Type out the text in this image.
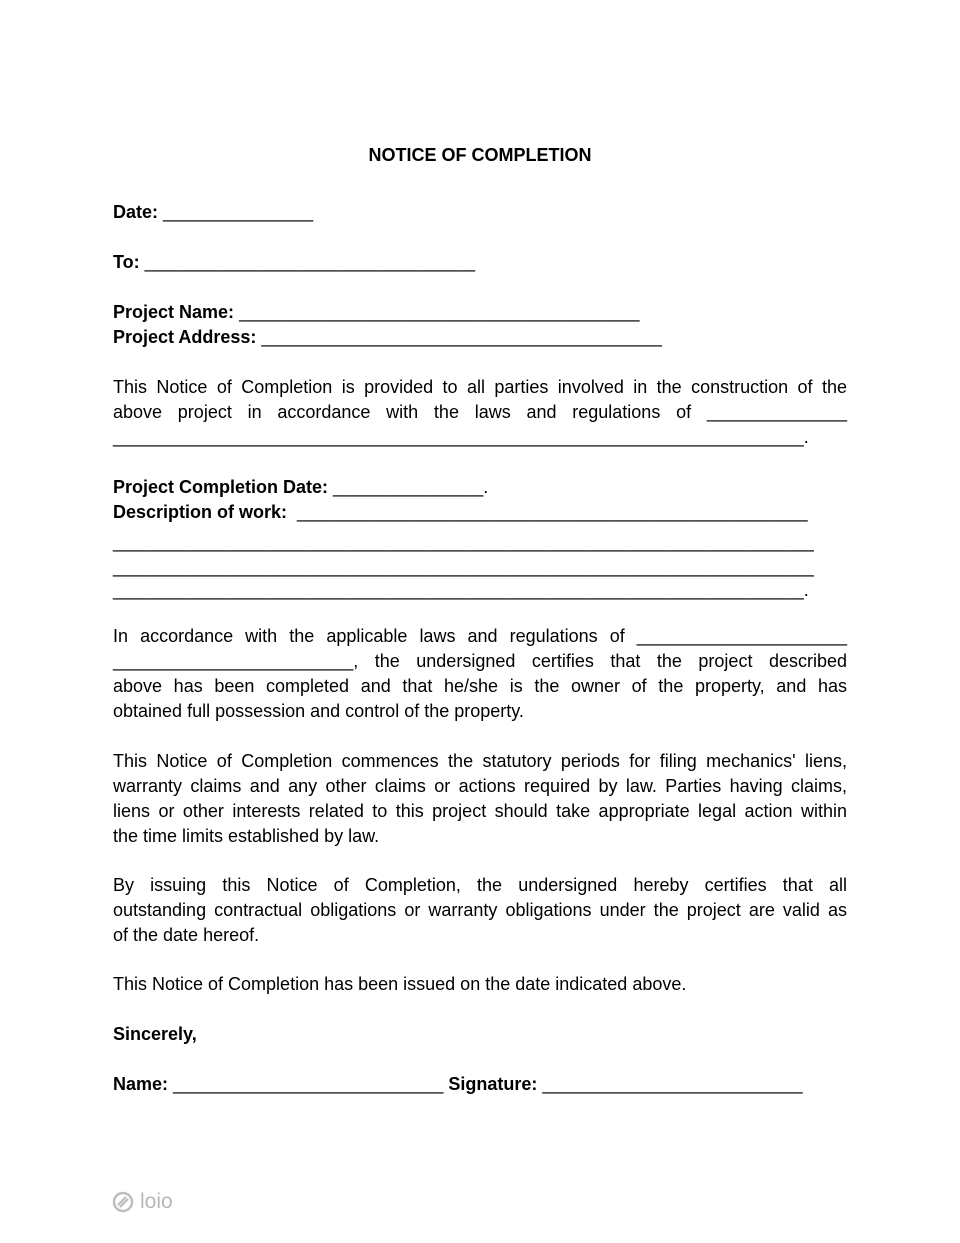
NOTICE OF COMPLETION
Date: _______________
To: _________________________________
Project Name: ________________________________________
Project Address: ________________________________________
This Notice of Completion is provided to all parties involved in the construction of the
above project in accordance with the laws and regulations of ______________
_____________________________________________________________________.
Project Completion Date: _______________.
Description of work:  ___________________________________________________
______________________________________________________________________
______________________________________________________________________
_____________________________________________________________________.
In accordance with the applicable laws and regulations of _____________________
________________________, the undersigned certifies that the project described
above has been completed and that he/she is the owner of the property, and has
obtained full possession and control of the property.
This Notice of Completion commences the statutory periods for filing mechanics' liens,
warranty claims and any other claims or actions required by law. Parties having claims,
liens or other interests related to this project should take appropriate legal action within
the time limits established by law.
By issuing this Notice of Completion, the undersigned hereby certifies that all
outstanding contractual obligations or warranty obligations under the project are valid as
of the date hereof.
This Notice of Completion has been issued on the date indicated above.
Sincerely,
Name: ___________________________ Signature: __________________________
loio
